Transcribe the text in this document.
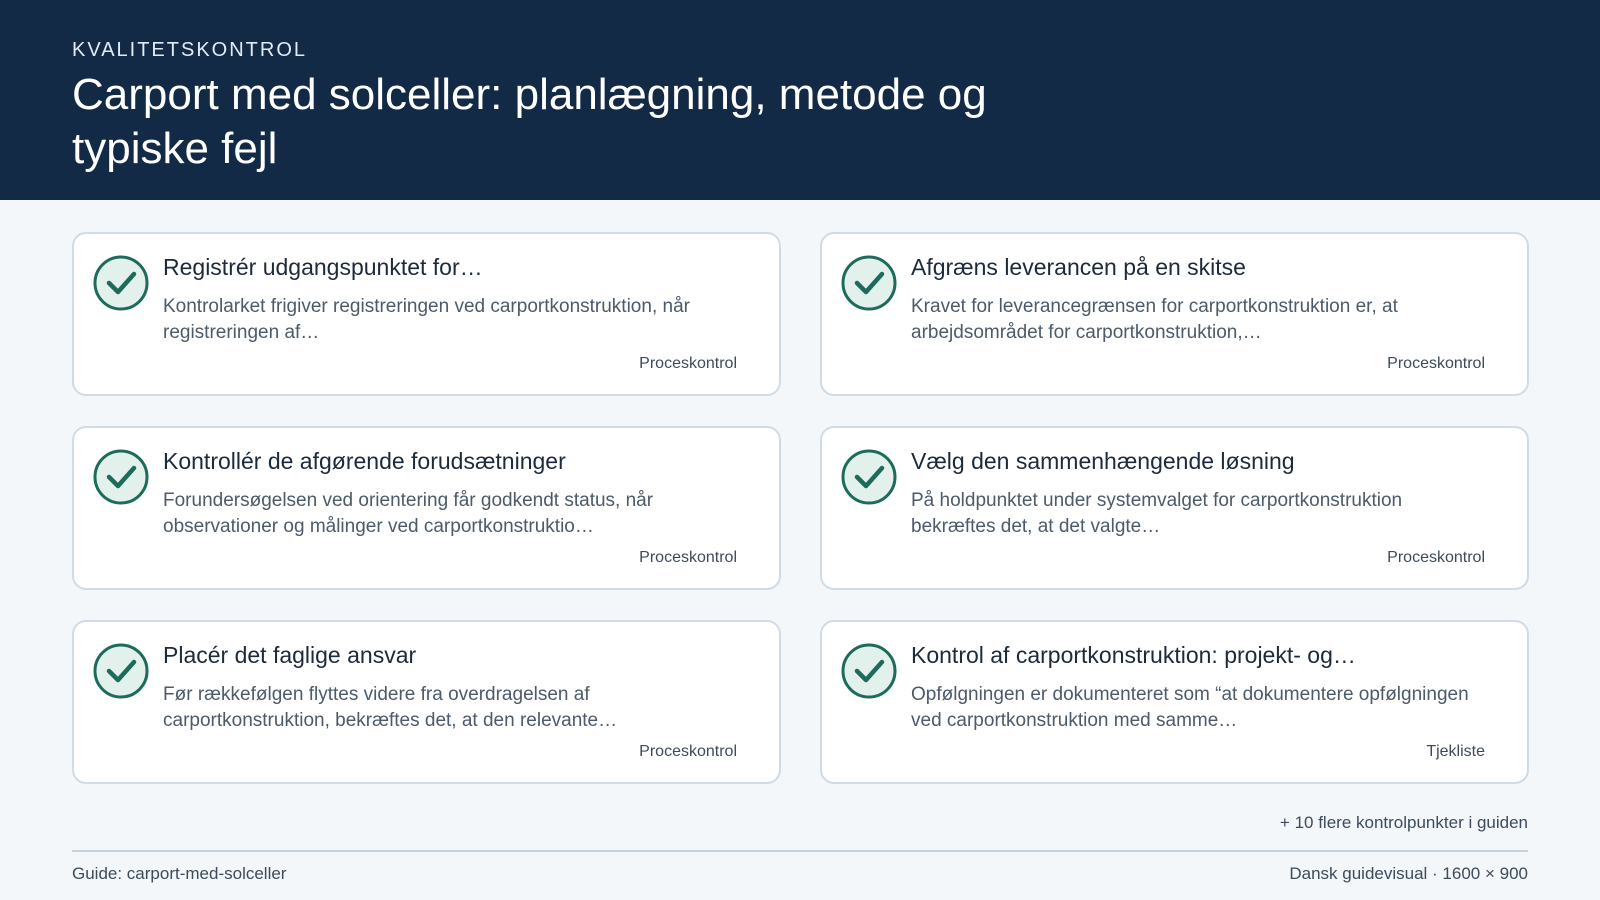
KVALITETSKONTROL
Carport med solceller: planlægning, metode og typiske fejl
Registrér udgangspunktet for…
Kontrolarket frigiver registreringen ved carportkonstruktion, når registreringen af…
Proceskontrol
Afgræns leverancen på en skitse
Kravet for leverancegrænsen for carportkonstruktion er, at arbejdsområdet for carportkonstruktion,…
Proceskontrol
Kontrollér de afgørende forudsætninger
Forundersøgelsen ved orientering får godkendt status, når observationer og målinger ved carportkonstruktio…
Proceskontrol
Vælg den sammenhængende løsning
På holdpunktet under systemvalget for carportkonstruktion bekræftes det, at det valgte…
Proceskontrol
Placér det faglige ansvar
Før rækkefølgen flyttes videre fra overdragelsen af carportkonstruktion, bekræftes det, at den relevante…
Proceskontrol
Kontrol af carportkonstruktion: projekt- og…
Opfølgningen er dokumenteret som “at dokumentere opfølgningen ved carportkonstruktion med samme…
Tjekliste
+ 10 flere kontrolpunkter i guiden
Guide: carport-med-solceller	Dansk guidevisual · 1600 × 900
